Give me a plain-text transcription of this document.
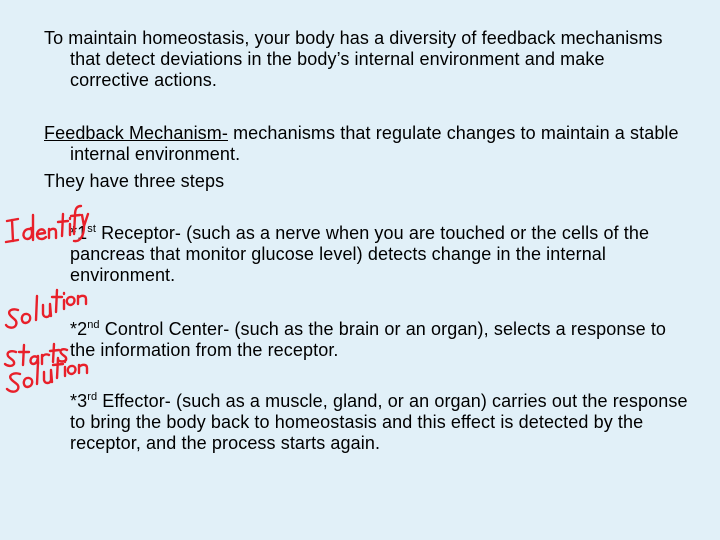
To maintain homeostasis, your body has a diversity of feedback mechanisms that detect deviations in the body’s internal environment and make corrective actions.
Feedback Mechanism- mechanisms that regulate changes to maintain a stable internal environment.
They have three steps
*1st Receptor- (such as a nerve when you are touched or the cells of the pancreas that monitor glucose level) detects change in the internal environment.
*2nd Control Center- (such as the brain or an organ), selects a response to the information from the receptor.
*3rd Effector- (such as a muscle, gland, or an organ) carries out the response to bring the body back to homeostasis and this effect is detected by the receptor, and the process starts again.
